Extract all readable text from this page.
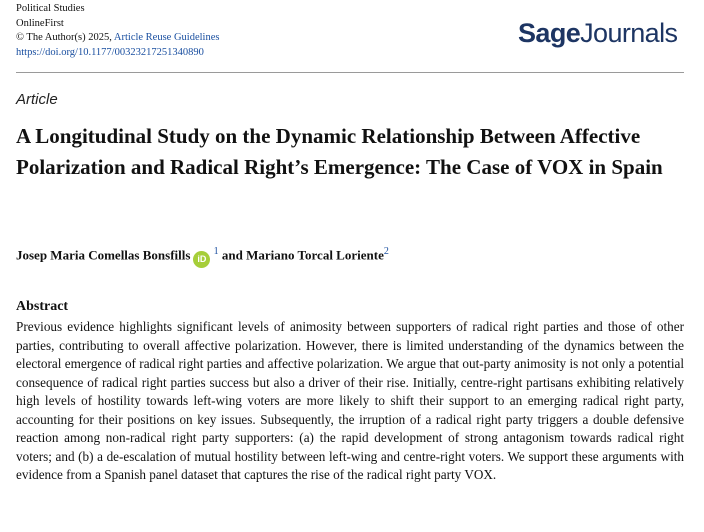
Political Studies
OnlineFirst
© The Author(s) 2025, Article Reuse Guidelines
https://doi.org/10.1177/00323217251340890
SageJournals
Article
A Longitudinal Study on the Dynamic Relationship Between Affective Polarization and Radical Right’s Emergence: The Case of VOX in Spain
Josep Maria Comellas Bonsfills iD $^1$ and Mariano Torcal Loriente$^2$
Abstract

Previous evidence highlights significant levels of animosity between supporters of radical right parties and those of other parties, contributing to overall affective polarization. However, there is limited understanding of the dynamics between the electoral emergence of radical right parties and affective polarization. We argue that out-party animosity is not only a potential consequence of radical right parties success but also a driver of their rise. Initially, centre-right partisans exhibiting relatively high levels of hostility towards left-wing voters are more likely to shift their support to an emerging radical right party, accounting for their positions on key issues. Subsequently, the irruption of a radical right party triggers a double defensive reaction among non-radical right party supporters: (a) the rapid development of strong antagonism towards radical right voters; and (b) a de-escalation of mutual hostility between left-wing and centre-right voters. We support these arguments with evidence from a Spanish panel dataset that captures the rise of the radical right party VOX.
